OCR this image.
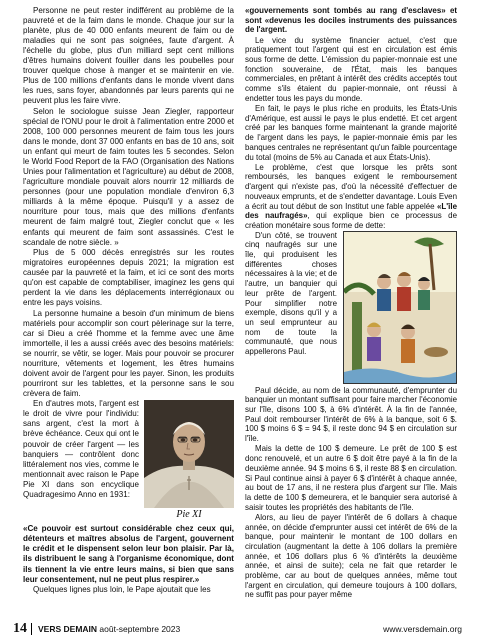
Personne ne peut rester indifférent au problème de la pauvreté et de la faim dans le monde. Chaque jour sur la planète, plus de 40 000 enfants meurent de faim ou de maladies qui ne sont pas soignées, faute d'argent. À l'échelle du globe, plus d'un milliard sept cent millions d'êtres humains doivent fouiller dans les poubelles pour trouver quelque chose à manger et se maintenir en vie. Plus de 100 millions d'enfants dans le monde vivent dans les rues, sans foyer, abandonnés par leurs parents qui ne peuvent plus les faire vivre.

Selon le sociologue suisse Jean Ziegler, rapporteur spécial de l'ONU pour le droit à l'alimentation entre 2000 et 2008, 100 000 personnes meurent de faim tous les jours dans le monde, dont 37 000 enfants en bas de 10 ans, soit un enfant qui meurt de faim toutes les 5 secondes. Selon le World Food Report de la FAO (Organisation des Nations Unies pour l'alimentation et l'agriculture) au début de 2008, l'agriculture mondiale pouvait alors nourrir 12 milliards de personnes (pour une population mondiale d'environ 6,3 milliards à la même époque. Puisqu'il y a assez de nourriture pour tous, mais que des millions d'enfants meurent de faim malgré tout, Ziegler conclut que « les enfants qui meurent de faim sont assassinés. C'est le scandale de notre siècle. »

Plus de 5 000 décès enregistrés sur les routes migratoires européennes depuis 2021; la migration est causée par la pauvreté et la faim, et ici ce sont des morts qu'on est capable de comptabiliser, imaginez les gens qui perdent la vie dans les déplacements interrégionaux ou entre les pays voisins.

La personne humaine a besoin d'un minimum de biens matériels pour accomplir son court pèlerinage sur la terre, car si Dieu a créé l'homme et la femme avec une âme immortelle, il les a aussi créés avec des besoins matériels: se nourrir, se vêtir, se loger. Mais pour pouvoir se procurer nourriture, vêtements et logement, les êtres humains doivent avoir de l'argent pour les payer. Sinon, les produits pourriront sur les tablettes, et la personne sans le sou crèvera de faim.

Pie XI

En d'autres mots, l'argent est le droit de vivre pour l'individu: sans argent, c'est la mort à brève échéance. Ceux qui ont le pouvoir de créer l'argent — les banquiers — contrôlent donc littéralement nos vies, comme le mentionnait avec raison le Pape Pie XI dans son encyclique Quadragesimo Anno en 1931:

«Ce pouvoir est surtout considérable chez ceux qui, détenteurs et maîtres absolus de l'argent, gouvernent le crédit et le dispensent selon leur bon plaisir. Par là, ils distribuent le sang à l'organisme économique, dont ils tiennent la vie entre leurs mains, si bien que sans leur consentement, nul ne peut plus respirer.»

Quelques lignes plus loin, le Pape ajoutait que les

«gouvernements sont tombés au rang d'esclaves» et sont «devenus les dociles instruments des puissances de l'argent.

Le vice du système financier actuel, c'est que pratiquement tout l'argent qui est en circulation est émis sous forme de dette. L'émission du papier-monnaie est une fonction souveraine, de l'État, mais les banques commerciales, en prêtant à intérêt des crédits acceptés tout comme s'ils étaient du papier-monnaie, ont réussi à endetter tous les pays du monde.

En fait, le pays le plus riche en produits, les États-Unis d'Amérique, est aussi le pays le plus endetté. Et cet argent créé par les banques forme maintenant la grande majorité de l'argent dans les pays, le papier-monnaie émis par les banques centrales ne représentant qu'un faible pourcentage du total (moins de 5% au Canada et aux États-Unis).

Le problème, c'est que lorsque les prêts sont remboursés, les banques exigent le remboursement d'argent qui n'existe pas, d'où la nécessité d'effectuer de nouveaux emprunts, et de s'endetter davantage. Louis Even a écrit au tout début de son Institut une fable appelée «L'île des naufragés», qui explique bien ce processus de création monétaire sous forme de dette:

D'un côté, se trouvent cinq naufragés sur une île, qui produisent les différentes choses nécessaires à la vie; et de l'autre, un banquier qui leur prête de l'argent. Pour simplifier notre exemple, disons qu'il y a un seul emprunteur au nom de toute la communauté, que nous appellerons Paul.

Paul décide, au nom de la communauté, d'emprunter du banquier un montant suffisant pour faire marcher l'économie sur l'île, disons 100 $, à 6% d'intérêt. À la fin de l'année, Paul doit rembourser l'intérêt de 6% à la banque, soit 6 $. 100 $ moins 6 $ = 94 $, il reste donc 94 $ en circulation sur l'île.

Mais la dette de 100 $ demeure. Le prêt de 100 $ est donc renouvelé, et un autre 6 $ doit être payé à la fin de la deuxième année. 94 $ moins 6 $, il reste 88 $ en circulation. Si Paul continue ainsi à payer 6 $ d'intérêt à chaque année, au bout de 17 ans, il ne restera plus d'argent sur l'île. Mais la dette de 100 $ demeurera, et le banquier sera autorisé à saisir toutes les propriétés des habitants de l'île.

Alors, au lieu de payer l'intérêt de 6 dollars à chaque année, on décide d'emprunter aussi cet intérêt de 6% de la banque, pour maintenir le montant de 100 dollars en circulation (augmentant la dette à 106 dollars la première année, et 106 dollars plus 6 % d'intérêts la deuxième année, et ainsi de suite); cela ne fait que retarder le problème, car au bout de quelques années, même tout l'argent en circulation, qui demeure toujours à 100 dollars, ne suffit pas pour payer même

14 VERS DEMAIN août-septembre 2023	www.versdemain.org
